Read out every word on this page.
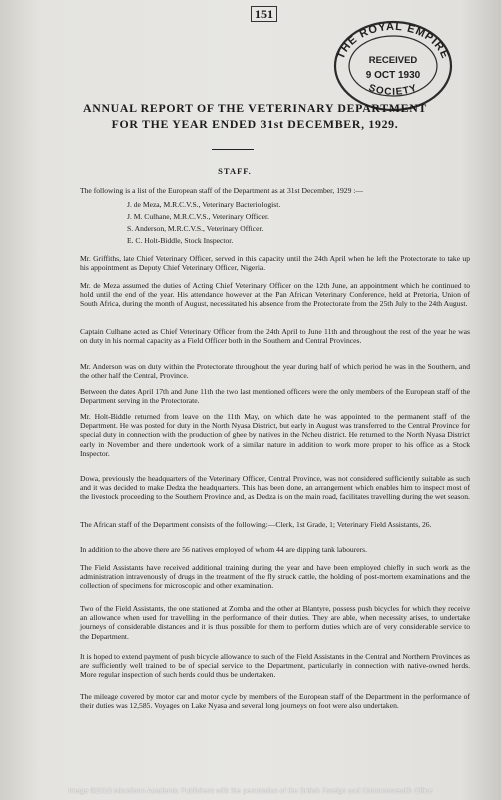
151
THE ROYAL EMPIRE
SOCIETY
RECEIVED
9 OCT 1930
ANNUAL REPORT OF THE VETERINARY DEPARTMENT
FOR THE YEAR ENDED 31st DECEMBER, 1929.
STAFF.

The following is a list of the European staff of the Department as at 31st December, 1929 :—

J. de Meza, M.R.C.V.S., Veterinary Bacteriologist.
J. M. Culhane, M.R.C.V.S., Veterinary Officer.
S. Anderson, M.R.C.V.S., Veterinary Officer.
E. C. Holt-Biddle, Stock Inspector.

Mr. Griffiths, late Chief Veterinary Officer, served in this capacity until the 24th April when he left the Protectorate to take up his appointment as Deputy Chief Veterinary Officer, Nigeria.

Mr. de Meza assumed the duties of Acting Chief Veterinary Officer on the 12th June, an appointment which he continued to hold until the end of the year. His attendance however at the Pan African Veterinary Conference, held at Pretoria, Union of South Africa, during the month of August, necessitated his absence from the Protectorate from the 25th July to the 24th August.

Captain Culhane acted as Chief Veterinary Officer from the 24th April to June 11th and throughout the rest of the year he was on duty in his normal capacity as a Field Officer both in the Southern and Central Provinces.

Mr. Anderson was on duty within the Protectorate throughout the year during half of which period he was in the Southern, and the other half the Central, Province.

Between the dates April 17th and June 11th the two last mentioned officers were the only members of the European staff of the Department serving in the Protectorate.

Mr. Holt-Biddle returned from leave on the 11th May, on which date he was appointed to the permanent staff of the Department. He was posted for duty in the North Nyasa District, but early in August was transferred to the Central Province for special duty in connection with the production of ghee by natives in the Ncheu district. He returned to the North Nyasa District early in November and there undertook work of a similar nature in addition to work more proper to his office as a Stock Inspector.

Dowa, previously the headquarters of the Veterinary Officer, Central Province, was not considered sufficiently suitable as such and it was decided to make Dedza the headquarters. This has been done, an arrangement which enables him to inspect most of the livestock proceeding to the Southern Province and, as Dedza is on the main road, facilitates travelling during the wet season.

The African staff of the Department consists of the following:—Clerk, 1st Grade, 1; Veterinary Field Assistants, 26.

In addition to the above there are 56 natives employed of whom 44 are dipping tank labourers.

The Field Assistants have received additional training during the year and have been employed chiefly in such work as the administration intravenously of drugs in the treatment of the fly struck cattle, the holding of post-mortem examinations and the collection of specimens for microscopic and other examination.

Two of the Field Assistants, the one stationed at Zomba and the other at Blantyre, possess push bicycles for which they receive an allowance when used for travelling in the performance of their duties. They are able, when necessity arises, to undertake journeys of considerable distances and it is thus possible for them to perform duties which are of very considerable service to the Department.

It is hoped to extend payment of push bicycle allowance to such of the Field Assistants in the Central and Northern Provinces as are sufficiently well trained to be of special service to the Department, particularly in connection with native-owned herds. More regular inspection of such herds could thus be undertaken.

The mileage covered by motor car and motor cycle by members of the European staff of the Department in the performance of their duties was 12,585. Voyages on Lake Nyasa and several long journeys on foot were also undertaken.

Image ©2010 Microform Academic Publishers with the permission of the British Foreign and Commonwealth Office
